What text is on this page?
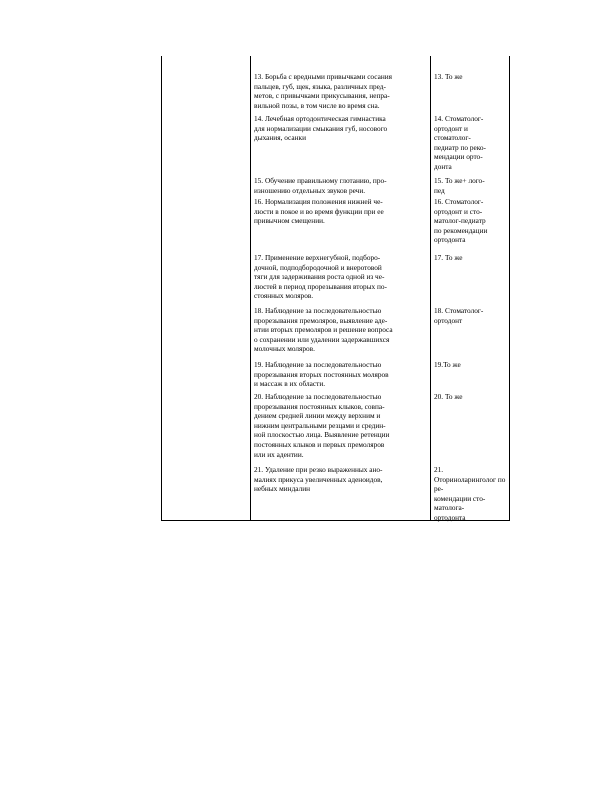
13. Борьба с вредными привычками сосания
пальцев, губ, щек, языка, различных пред-
метов, с привычками прикусывания, непра-
вильной позы, в том числе во время сна.
13. То же
14. Лечебная ортодонтическая гимнастика
для нормализации смыкания губ, носового
дыхания, осанки
14. Стоматолог-
ортодонт и
стоматолог-
педиатр по реко-
мендации орто-
донта
15. Обучение правильному глотанию, про-
изношению отдельных звуков речи.
15. То же+ лого-
пед
16. Нормализация положения нижней че-
люсти в покое и во время функции при ее
привычном смещении.
16. Стоматолог-
ортодонт и сто-
матолог-педиатр
по рекомендации
ортодонта
17. Применение верхнегубной, подборо-
дочной, подподбородочной и внеротовой
тяги для задерживания роста одной из че-
люстей в период прорезывания вторых по-
стоянных моляров.
17. То же
18. Наблюдение за последовательностью
прорезывания премоляров, выявление аде-
нтии вторых премоляров и решение вопроса
о сохранении или удалении задержавшихся
молочных моляров.
18. Стоматолог-
ортодонт
19. Наблюдение за последовательностью
прорезывания вторых постоянных моляров
и массаж в их области.
19.То же
20. Наблюдение за последовательностью
прорезывания постоянных клыков, совпа-
дением средней линии между верхним и
нижним центральными резцами и средин-
ной плоскостью лица. Выявление ретенции
постоянных клыков и первых премоляров
или их адентии.
20. То же
21. Удаление при резко выраженных ано-
малиях прикуса увеличенных аденоидов,
небных миндалин
21. Оториноларинголог по ре-
комендации сто-
матолога-
ортодонта
